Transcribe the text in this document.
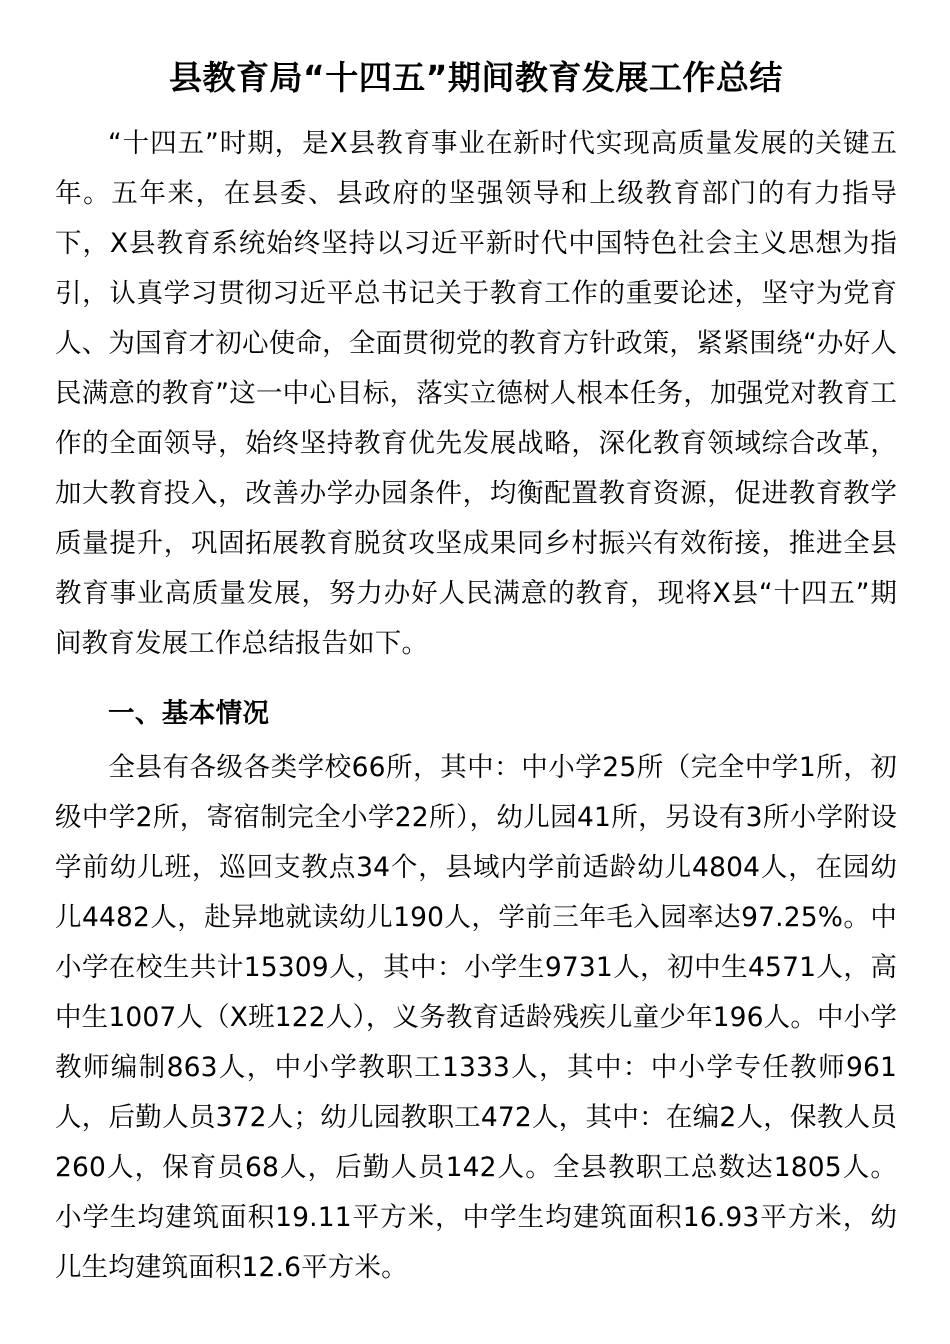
县教育局“十四五”期间教育发展工作总结

“十四五”时期，是X县教育事业在新时代实现高质量发展的关键五年。五年来，在县委、县政府的坚强领导和上级教育部门的有力指导下，X县教育系统始终坚持以习近平新时代中国特色社会主义思想为指引，认真学习贯彻习近平总书记关于教育工作的重要论述，坚守为党育人、为国育才初心使命，全面贯彻党的教育方针政策，紧紧围绕“办好人民满意的教育”这一中心目标，落实立德树人根本任务，加强党对教育工作的全面领导，始终坚持教育优先发展战略，深化教育领域综合改革，加大教育投入，改善办学办园条件，均衡配置教育资源，促进教育教学质量提升，巩固拓展教育脱贫攻坚成果同乡村振兴有效衔接，推进全县教育事业高质量发展，努力办好人民满意的教育，现将X县“十四五”期间教育发展工作总结报告如下。

一、基本情况

全县有各级各类学校66所，其中：中小学25所（完全中学1所，初级中学2所，寄宿制完全小学22所），幼儿园41所，另设有3所小学附设学前幼儿班，巡回支教点34个，县域内学前适龄幼儿4804人，在园幼儿4482人，赴异地就读幼儿190人，学前三年毛入园率达97.25%。中小学在校生共计15309人，其中：小学生9731人，初中生4571人，高中生1007人（X班122人），义务教育适龄残疾儿童少年196人。中小学教师编制863人，中小学教职工1333人，其中：中小学专任教师961人，后勤人员372人；幼儿园教职工472人，其中：在编2人，保教人员260人，保育员68人，后勤人员142人。全县教职工总数达1805人。小学生均建筑面积19.11平方米，中学生均建筑面积16.93平方米，幼儿生均建筑面积12.6平方米。
